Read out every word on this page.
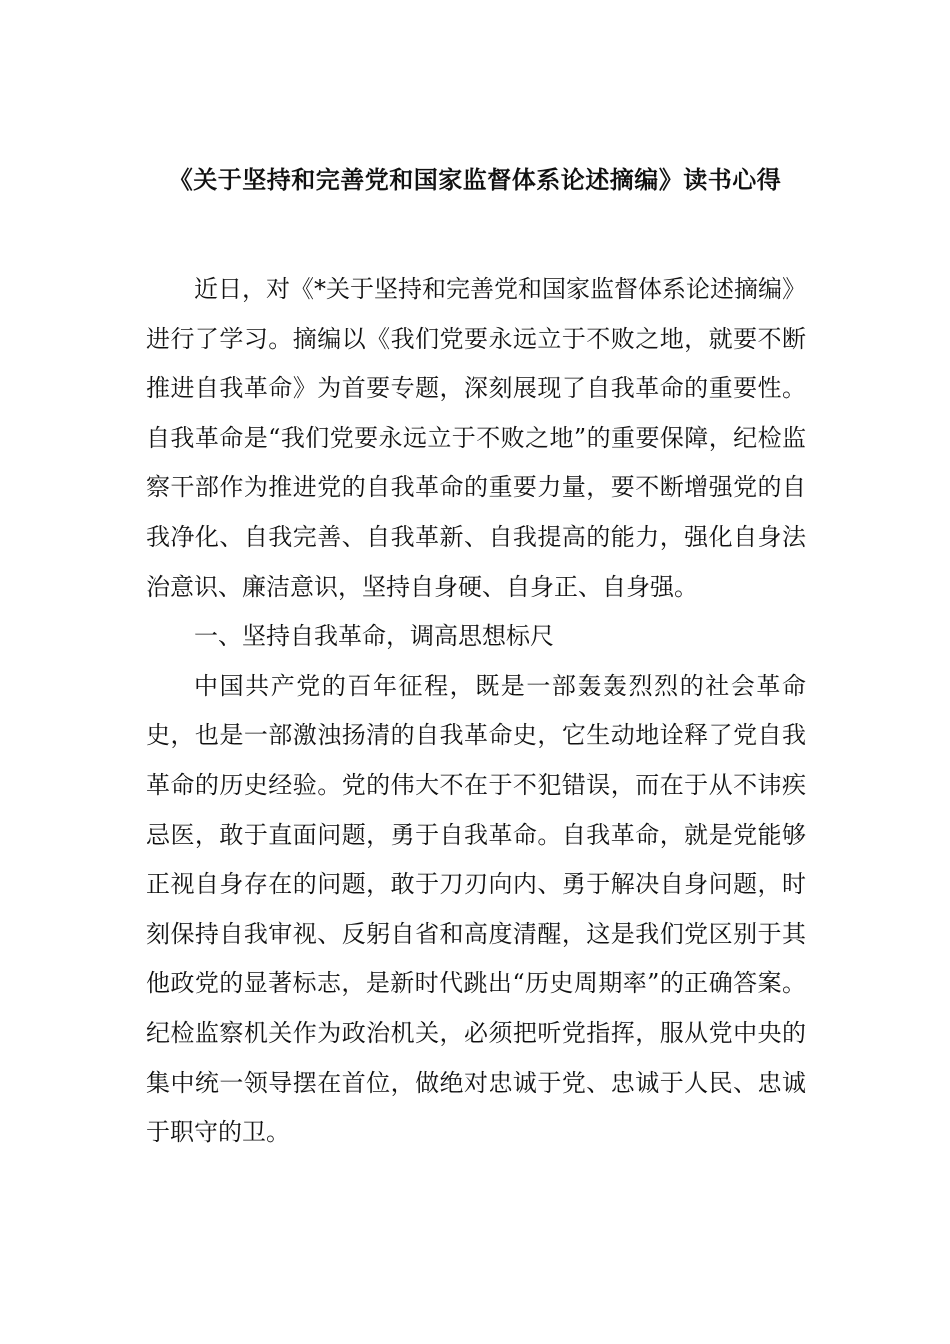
《关于坚持和完善党和国家监督体系论述摘编》读书心得

近日，对《*关于坚持和完善党和国家监督体系论述摘编》进行了学习。摘编以《我们党要永远立于不败之地，就要不断推进自我革命》为首要专题，深刻展现了自我革命的重要性。自我革命是“我们党要永远立于不败之地”的重要保障，纪检监察干部作为推进党的自我革命的重要力量，要不断增强党的自我净化、自我完善、自我革新、自我提高的能力，强化自身法治意识、廉洁意识，坚持自身硬、自身正、自身强。

一、坚持自我革命，调高思想标尺

中国共产党的百年征程，既是一部轰轰烈烈的社会革命史，也是一部激浊扬清的自我革命史，它生动地诠释了党自我革命的历史经验。党的伟大不在于不犯错误，而在于从不讳疾忌医，敢于直面问题，勇于自我革命。自我革命，就是党能够正视自身存在的问题，敢于刀刃向内、勇于解决自身问题，时刻保持自我审视、反躬自省和高度清醒，这是我们党区别于其他政党的显著标志，是新时代跳出“历史周期率”的正确答案。纪检监察机关作为政治机关，必须把听党指挥，服从党中央的集中统一领导摆在首位，做绝对忠诚于党、忠诚于人民、忠诚于职守的卫。
